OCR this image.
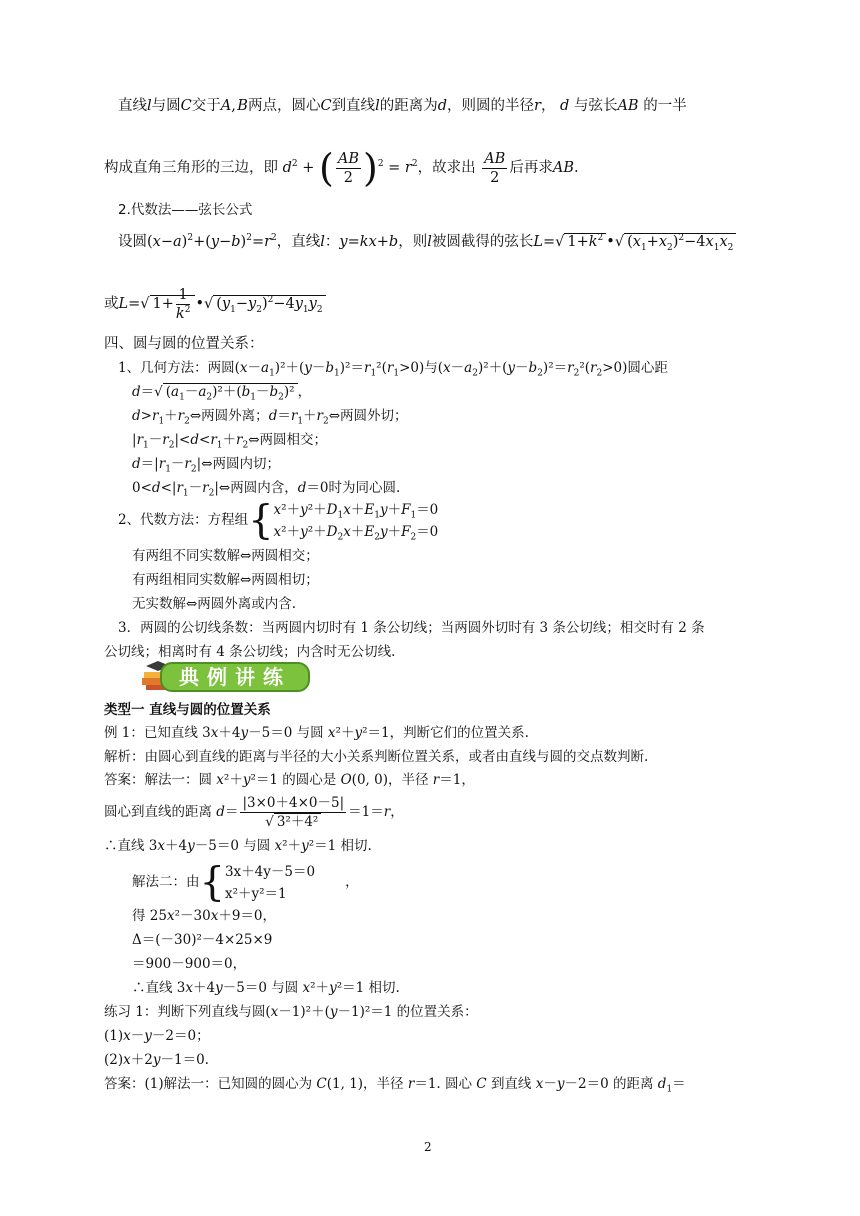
直线l与圆C交于A, B两点，圆心C到直线l的距离为d，则圆的半径r， d 与弦长AB 的一半
构成直角三角形的三边，即 $d^2$ + ( $\frac{AB}{2} )^2 = r^2$，故求出 $\frac{AB}{2}$ 后再求AB.
2.代数法——弦长公式
设圆$(x-a)^2+(y-b)^2=r^2$，直线l：y=kx+b，则l被圆截得的弦长L=√ $1+k^2$ •√ $(x_1+x_2)^2-4x_1x_2$
或L=√ $1+ \frac{1}{k^2}$ •√ $(y_1-y_2)^2-4y_1y_2$
四、圆与圆的位置关系：
1、几何方法：两圆$(x-a_1)^2+(y-b_1)^2=r_1^2(r_1>0)$与$(x-a_2)^2+(y-b_2)^2=r_2^2(r_2>0)$圆心距
d＝√ $(a_1-a_2)^2+(b_1-b_2)^2$ ，
$d>r_1+r_2\Leftrightarrow$两圆外离；$d=r_1+r_2\Leftrightarrow$两圆外切；
$|r_1-r_2|<d<r_1+r_2\Leftrightarrow$两圆相交；
$d=|r_1-r_2|\Leftrightarrow$两圆内切；
$0<d<|r_1-r_2|\Leftrightarrow$两圆内含，d＝0时为同心圆.
2、代数方法：方程组{ $x^2+y^2+D_1x+E_1y+F_1=0$
$x^2+y^2+D_2x+E_2y+F_2=0$
有两组不同实数解⇔两圆相交；
有两组相同实数解⇔两圆相切；
无实数解⇔两圆外离或内含.
3．两圆的公切线条数：当两圆内切时有 1 条公切线；当两圆外切时有 3 条公切线；相交时有 2 条
公切线；相离时有 4 条公切线；内含时无公切线.
典例讲练
类型一 直线与圆的位置关系
例 1：已知直线 3x＋4y－5＝0 与圆 x²＋y²＝1，判断它们的位置关系.
解析：由圆心到直线的距离与半径的大小关系判断位置关系，或者由直线与圆的交点数判断.
答案：解法一：圆 x²＋y²＝1 的圆心是 O(0, 0)，半径 r＝1，
圆心到直线的距离 $d= \frac{|3\times 0+4\times 0-5|}{\text{√ 3²＋4²}} =1=r$，
∴直线 3x＋4y－5＝0 与圆 x²＋y²＝1 相切.
解法二：由{ 3x＋4y－5＝0
x²＋y²＝1
，
得 25x²－30x＋9＝0，
Δ＝(－30)²－4×25×9
＝900－900＝0，
∴直线 3x＋4y－5＝0 与圆 x²＋y²＝1 相切.
练习 1：判断下列直线与圆(x－1)²＋(y－1)²＝1 的位置关系：
(1)x－y－2＝0；
(2)x＋2y－1＝0.
答案：(1)解法一：已知圆的圆心为 C(1, 1)，半径 r＝1. 圆心 C 到直线 x－y－2＝0 的距离 $d_1=$
2
